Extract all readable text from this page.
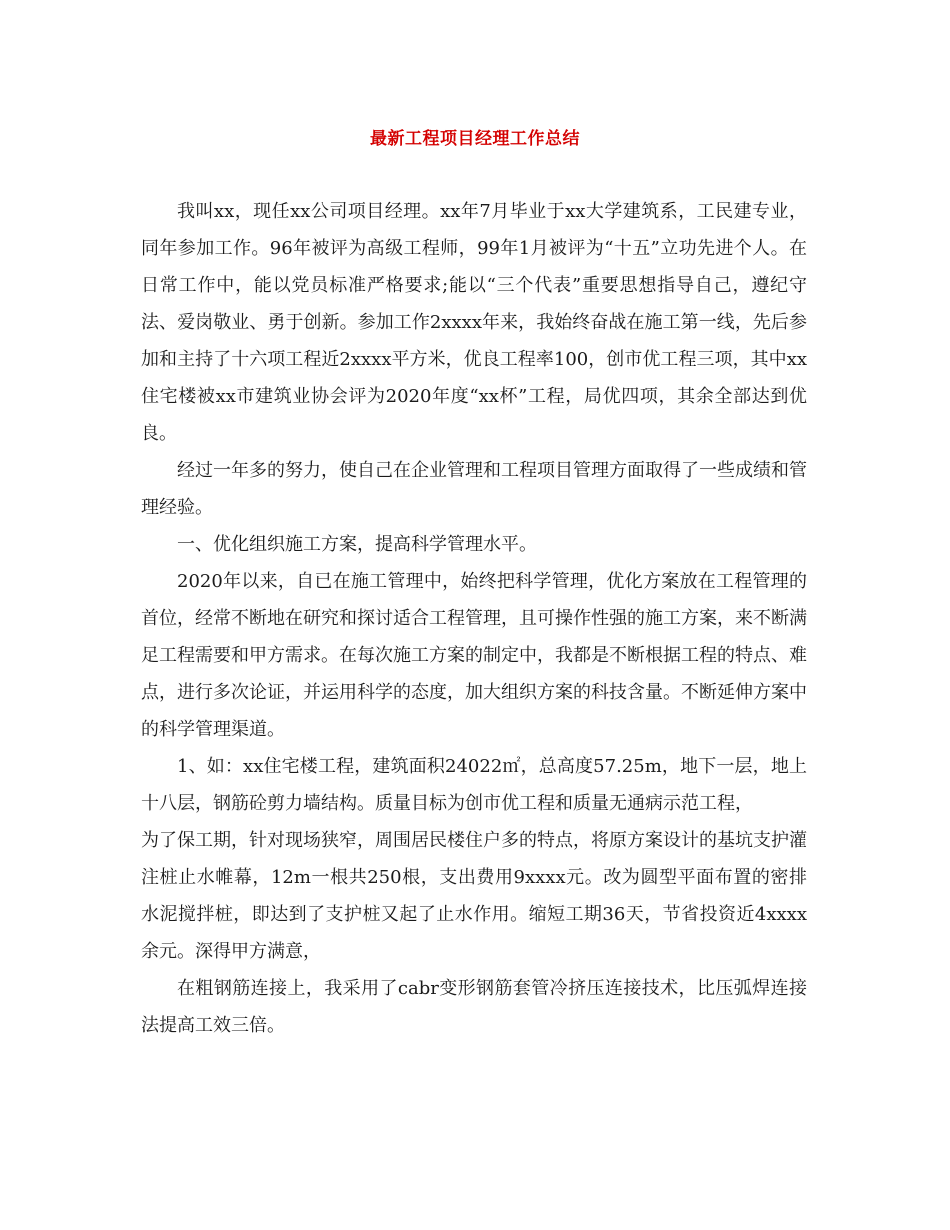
最新工程项目经理工作总结

我叫xx，现任xx公司项目经理。xx年7月毕业于xx大学建筑系，工民建专业，同年参加工作。96年被评为高级工程师，99年1月被评为“十五”立功先进个人。在日常工作中，能以党员标准严格要求;能以“三个代表”重要思想指导自己，遵纪守法、爱岗敬业、勇于创新。参加工作2xxxx年来，我始终奋战在施工第一线，先后参加和主持了十六项工程近2xxxx平方米，优良工程率100，创市优工程三项，其中xx住宅楼被xx市建筑业协会评为2020年度“xx杯”工程，局优四项，其余全部达到优良。

经过一年多的努力，使自己在企业管理和工程项目管理方面取得了一些成绩和管理经验。

一、优化组织施工方案，提高科学管理水平。

2020年以来，自已在施工管理中，始终把科学管理，优化方案放在工程管理的首位，经常不断地在研究和探讨适合工程管理，且可操作性强的施工方案，来不断满足工程需要和甲方需求。在每次施工方案的制定中，我都是不断根据工程的特点、难点，进行多次论证，并运用科学的态度，加大组织方案的科技含量。不断延伸方案中的科学管理渠道。

1、如：xx住宅楼工程，建筑面积24022㎡，总高度57.25m，地下一层，地上十八层，钢筋砼剪力墙结构。质量目标为创市优工程和质量无通病示范工程，

为了保工期，针对现场狭窄，周围居民楼住户多的特点，将原方案设计的基坑支护灌注桩止水帷幕，12m一根共250根，支出费用9xxxx元。改为圆型平面布置的密排水泥搅拌桩，即达到了支护桩又起了止水作用。缩短工期36天，节省投资近4xxxx余元。深得甲方满意，

在粗钢筋连接上，我采用了cabr变形钢筋套管冷挤压连接技术，比压弧焊连接法提高工效三倍。
